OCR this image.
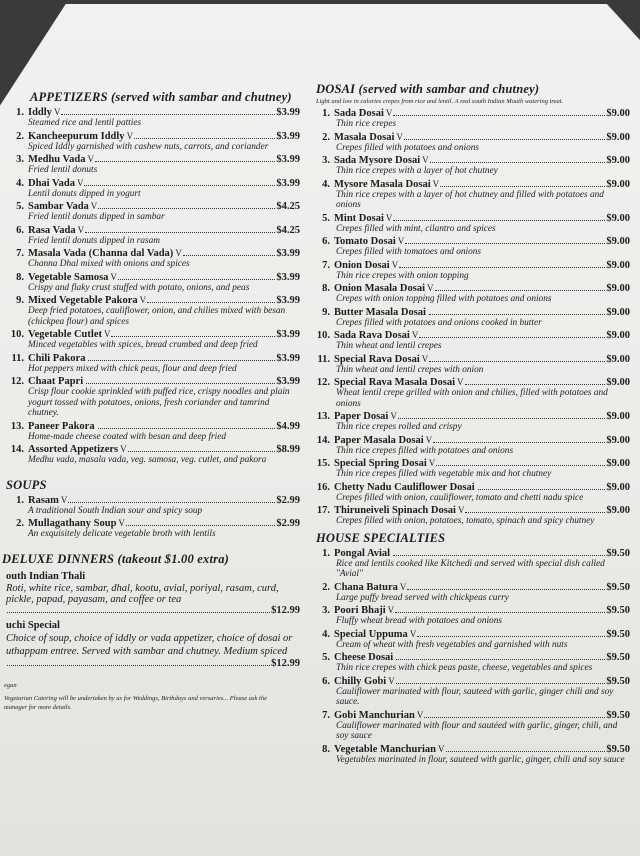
APPETIZERS (served with sambar and chutney)
1. Iddly V	$3.99
Steamed rice and lentil patties
2. Kancheepurum Iddly V	$3.99
Spiced Iddly garnished with cashew nuts, carrots, and coriander
3. Medhu Vada V	$3.99
Fried lentil donuts
4. Dhai Vada V	$3.99
Lentil donuts dipped in yogurt
5. Sambar Vada V	$4.25
Fried lentil donuts dipped in sambar
6. Rasa Vada V	$4.25
Fried lentil donuts dipped in rasam
7. Masala Vada (Channa dal Vada) V	$3.99
Channa Dhal mixed with onions and spices
8. Vegetable Samosa V	$3.99
Crispy and flaky crust stuffed with potato, onions, and peas
9. Mixed Vegetable Pakora V	$3.99
Deep fried potatoes, cauliflower, onion, and chilies mixed with besan (chickpea flour) and spices
10. Vegetable Cutlet V	$3.99
Minced vegetables with spices, bread crumbed and deep fried
11. Chili Pakora	$3.99
Hot peppers mixed with chick peas, flour and deep fried
12. Chaat Papri	$3.99
Crisp flour cookie sprinkled with puffed rice, crispy noodles and plain yogurt tossed with potatoes, onions, fresh coriander and tamrind chutney.
13. Paneer Pakora	$4.99
Home-made cheese coated with besan and deep fried
14. Assorted Appetizers V	$8.99
Medhu vada, masala vada, veg. samosa, veg. cutlet, and pakora
SOUPS
1. Rasam V	$2.99
A traditional South Indian sour and spicy soup
2. Mullagathany Soup V	$2.99
An exquisitely delicate vegetable broth with lentils
DELUXE DINNERS (takeout $1.00 extra)
outh Indian Thali
Roti, white rice, sambar, dhal, kootu, avial, poriyal, rasam, curd, pickle, papad, payasam, and coffee or tea
$12.99
uchi Special
Choice of soup, choice of iddly or vada appetizer, choice of dosai or uthappam entree. Served with sambar and chutney. Medium spiced
$12.99
egan
Vegetarian Catering will be undertaken by us for Weddings, Birthdays and versaries... Please ask the manager for more details.
DOSAI (served with sambar and chutney)
Light and low in calories crepes from rice and lentil. A real south Indian Mouth watering treat.
1. Sada Dosai V	$9.00
Thin rice crepes
2. Masala Dosai V	$9.00
Crepes filled with potatoes and onions
3. Sada Mysore Dosai V	$9.00
Thin rice crepes with a layer of hot chutney
4. Mysore Masala Dosai V	$9.00
Thin rice crepes with a layer of hot chutney and filled with potatoes and onions
5. Mint Dosai V	$9.00
Crepes filled with mint, cilantro and spices
6. Tomato Dosai V	$9.00
Crepes filled with tomatoes and onions
7. Onion Dosai V	$9.00
Thin rice crepes with onion topping
8. Onion Masala Dosai V	$9.00
Crepes with onion topping filled with potatoes and onions
9. Butter Masala Dosai	$9.00
Crepes filled with potatoes and onions cooked in butter
10. Sada Rava Dosai V	$9.00
Thin wheat and lentil crepes
11. Special Rava Dosai V	$9.00
Thin wheat and lentil crepes with onion
12. Special Rava Masala Dosai V	$9.00
Wheat lentil crepe grilled with onion and chilies, filled with potatoes and onions
13. Paper Dosai V	$9.00
Thin rice crepes rolled and crispy
14. Paper Masala Dosai V	$9.00
Thin rice crepes filled with potatoes and onions
15. Special Spring Dosai V	$9.00
Thin rice crepes filled with vegetable mix and hot chutney
16. Chetty Nadu Cauliflower Dosai	$9.00
Crepes filled with onion, cauliflower, tomato and chetti nadu spice
17. Thiruneiveli Spinach Dosai V	$9.00
Crepes filled with onion, potatoes, tomato, spinach and spicy chutney
HOUSE SPECIALTIES
1. Pongal Avial	$9.50
Rice and lentils cooked like Kitchedi and served with special dish called "Avial"
2. Chana Batura V	$9.50
Large puffy bread served with chickpeas curry
3. Poori Bhaji V	$9.50
Fluffy wheat bread with potatoes and onions
4. Special Uppuma V	$9.50
Cream of wheat with fresh vegetables and garnished with nuts
5. Cheese Dosai	$9.50
Thin rice crepes with chick peas paste, cheese, vegetables and spices
6. Chilly Gobi V	$9.50
Cauliflower marinated with flour, sauteed with garlic, ginger chili and soy sauce.
7. Gobi Manchurian V	$9.50
Cauliflower marinated with flour and sautéed with garlic, ginger, chili, and soy sauce
8. Vegetable Manchurian V	$9.50
Vegetables marinated in flour, sauteed with garlic, ginger, chili and soy sauce
